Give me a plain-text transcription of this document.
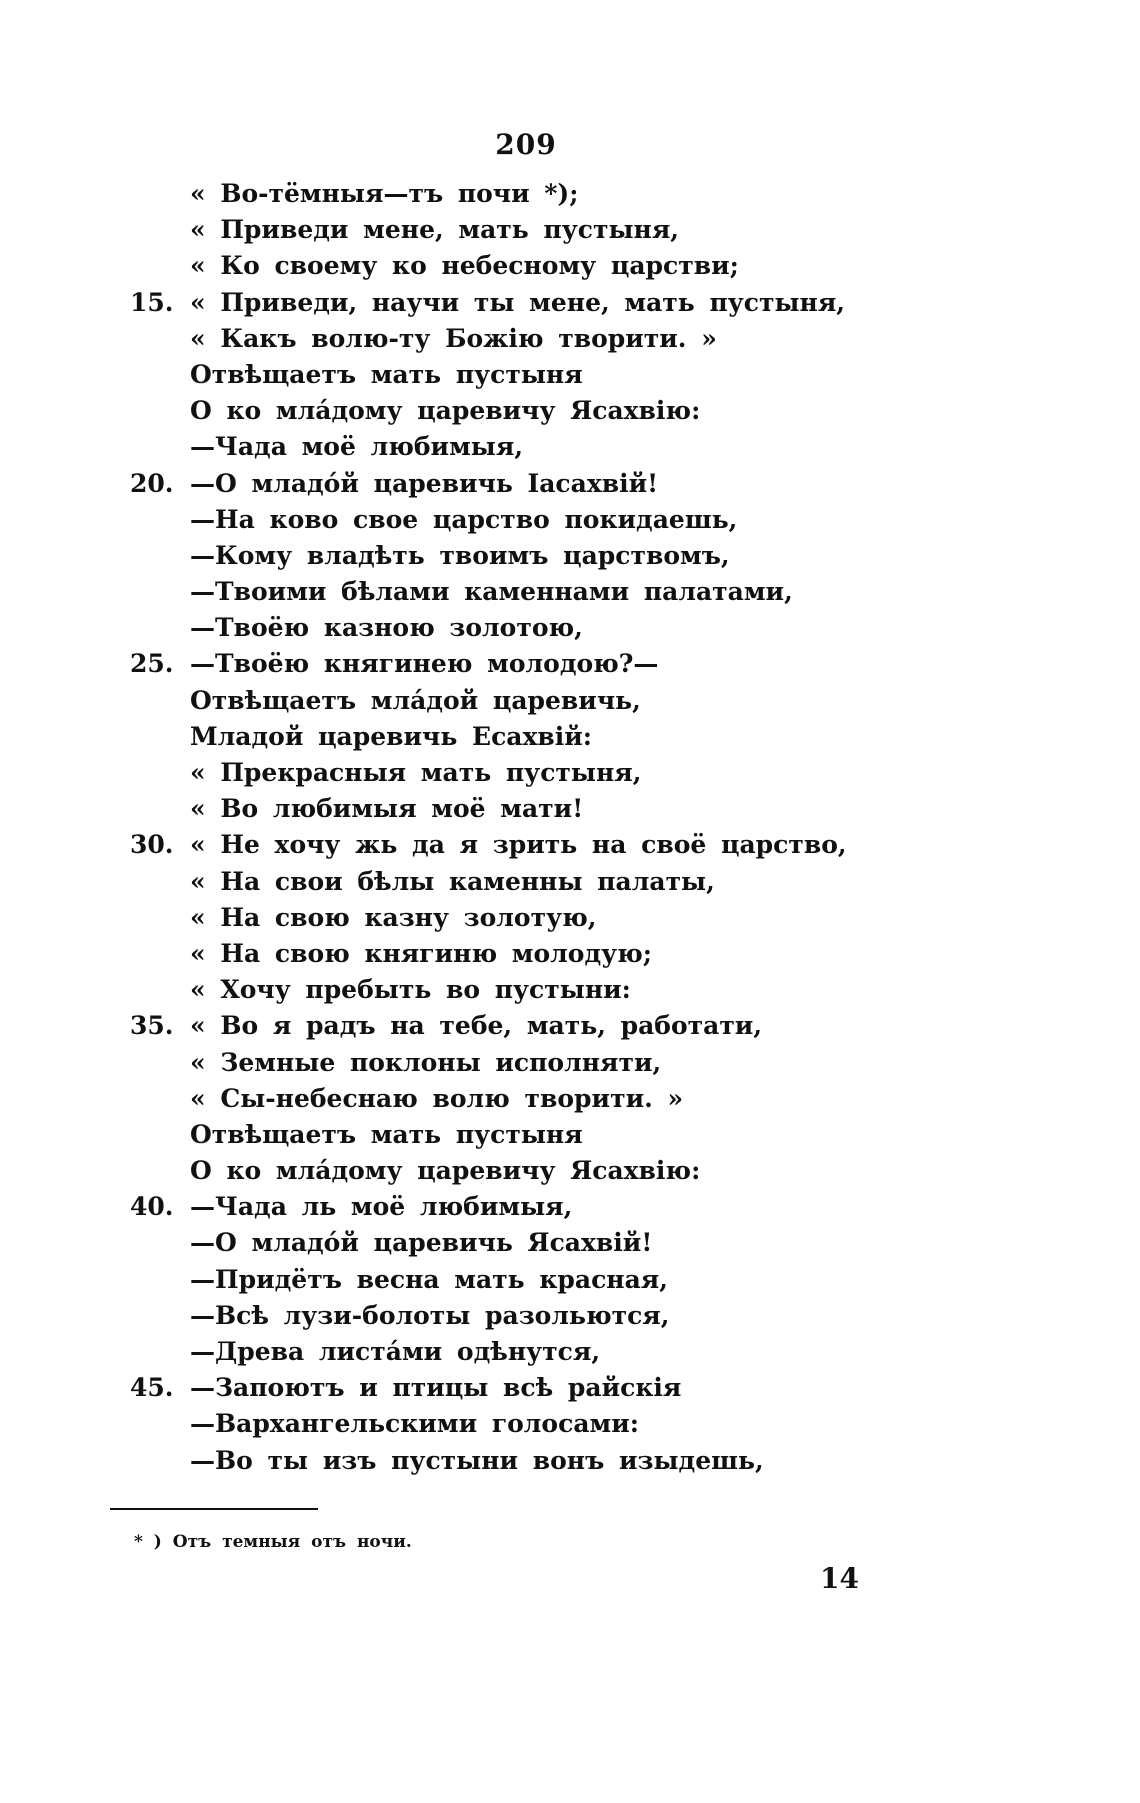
209
« Во-тёмныя—тъ почи *);
« Приведи мене, мать пустыня,
« Ко своему ко небесному царстви;
15. « Приведи, научи ты мене, мать пустыня,
« Какъ волю-ту Божію творити. »
Отвѣщаетъ мать пустыня
О ко мла́дому царевичу Ясахвію:
—Чада моё любимыя,
20. —О младо́й царевичь Іасахвій!
—На ково свое царство покидаешь,
—Кому владѣть твоимъ царствомъ,
—Твоими бѣлами каменнами палатами,
—Твоёю казною золотою,
25. —Твоёю княгинею молодою?—
Отвѣщаетъ мла́дой царевичь,
Младой царевичь Есахвій:
« Прекрасныя мать пустыня,
« Во любимыя моё мати!
30. « Не хочу жь да я зрить на своё царство,
« На свои бѣлы каменны палаты,
« На свою казну золотую,
« На свою княгиню молодую;
« Хочу пребыть во пустыни:
35. « Во я радъ на тебе, мать, работати,
« Земные поклоны исполняти,
« Сы-небеснаю волю творити. »
Отвѣщаетъ мать пустыня
О ко мла́дому царевичу Ясахвію:
40. —Чада ль моё любимыя,
—О младо́й царевичь Ясахвій!
—Придётъ весна мать красная,
—Всѣ лузи-болоты разольются,
—Древа листа́ми одѣнутся,
45. —Запоютъ и птицы всѣ райскія
—Вархангельскими голосами:
—Во ты изъ пустыни вонъ изыдешь,
* ) Отъ темныя отъ ночи.
14
